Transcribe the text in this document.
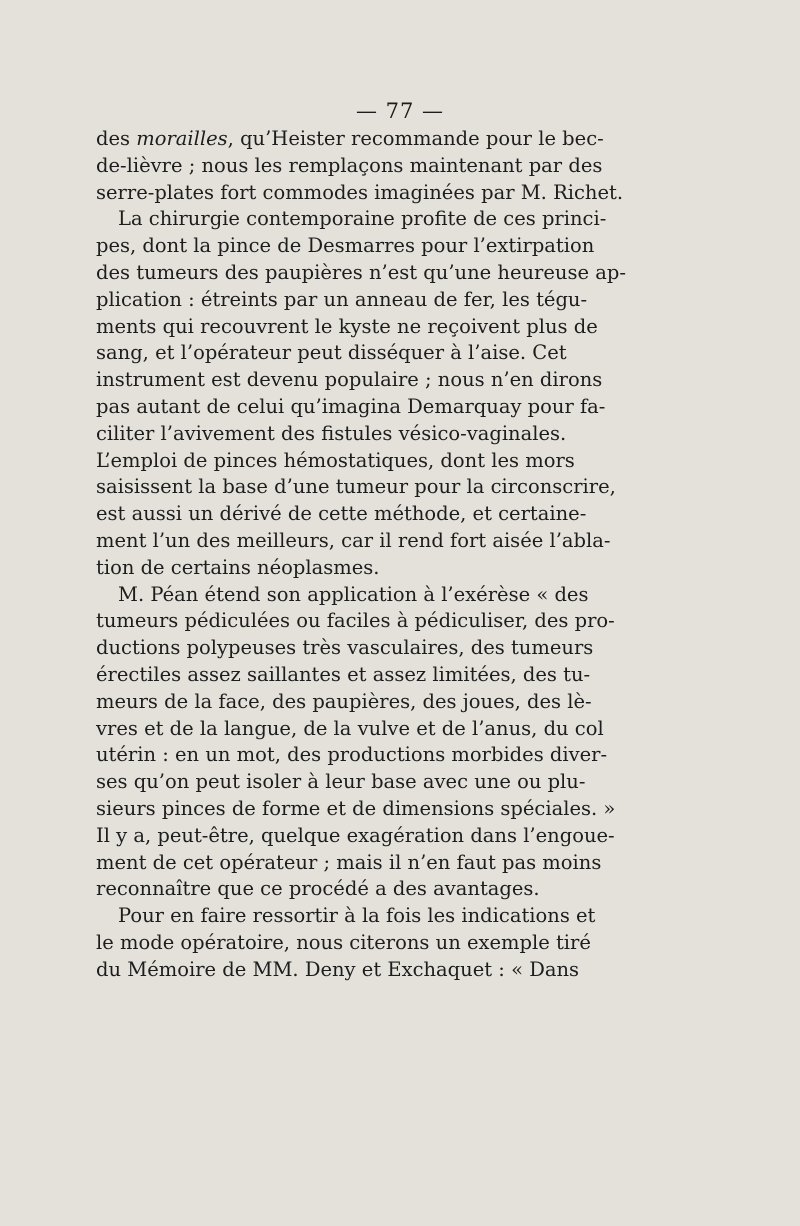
— 77 —
des morailles, qu’Heister recommande pour le bec-
de-lièvre ; nous les remplaçons maintenant par des
serre-plates fort commodes imaginées par M. Richet.
La chirurgie contemporaine profite de ces princi-
pes, dont la pince de Desmarres pour l’extirpation
des tumeurs des paupières n’est qu’une heureuse ap-
plication : étreints par un anneau de fer, les tégu-
ments qui recouvrent le kyste ne reçoivent plus de
sang, et l’opérateur peut disséquer à l’aise. Cet
instrument est devenu populaire ; nous n’en dirons
pas autant de celui qu’imagina Demarquay pour fa-
ciliter l’avivement des fistules vésico-vaginales.
L’emploi de pinces hémostatiques, dont les mors
saisissent la base d’une tumeur pour la circonscrire,
est aussi un dérivé de cette méthode, et certaine-
ment l’un des meilleurs, car il rend fort aisée l’abla-
tion de certains néoplasmes.
M. Péan étend son application à l’exérèse « des
tumeurs pédiculées ou faciles à pédiculiser, des pro-
ductions polypeuses très vasculaires, des tumeurs
érectiles assez saillantes et assez limitées, des tu-
meurs de la face, des paupières, des joues, des lè-
vres et de la langue, de la vulve et de l’anus, du col
utérin : en un mot, des productions morbides diver-
ses qu’on peut isoler à leur base avec une ou plu-
sieurs pinces de forme et de dimensions spéciales. »
Il y a, peut-être, quelque exagération dans l’engoue-
ment de cet opérateur ; mais il n’en faut pas moins
reconnaître que ce procédé a des avantages.
Pour en faire ressortir à la fois les indications et
le mode opératoire, nous citerons un exemple tiré
du Mémoire de MM. Deny et Exchaquet : « Dans
